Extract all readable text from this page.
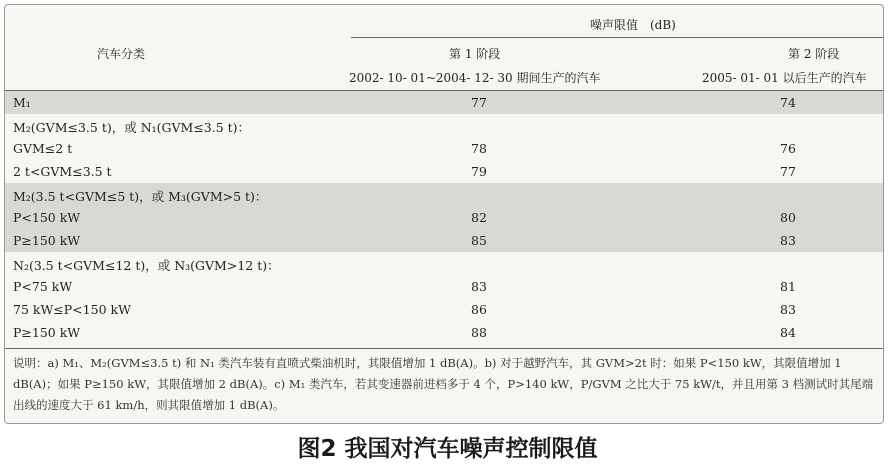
汽车分类
噪声限值　(dB)
第 1 阶段	第 2 阶段
2002- 10- 01~2004- 12- 30 期间生产的汽车	2005- 01- 01 以后生产的汽车
M₁	77	74
M₂(GVM≤3.5 t)，或 N₁(GVM≤3.5 t)：
GVM≤2 t	78	76
2 t<GVM≤3.5 t	79	77
M₂(3.5 t<GVM≤5 t)，或 M₃(GVM>5 t)：
P<150 kW	82	80
P≥150 kW	85	83
N₂(3.5 t<GVM≤12 t)，或 N₃(GVM>12 t)：
P<75 kW	83	81
75 kW≤P<150 kW	86	83
P≥150 kW	88	84
说明：a) M₁、M₂(GVM≤3.5 t) 和 N₁ 类汽车装有直喷式柴油机时，其限值增加 1 dB(A)。b) 对于越野汽车，其 GVM>2t 时：如果 P<150 kW，其限值增加 1 dB(A)；如果 P≥150 kW，其限值增加 2 dB(A)。c) M₁ 类汽车，若其变速器前进档多于 4 个，P>140 kW，P/GVM 之比大于 75 kW/t，并且用第 3 档测试时其尾端出线的速度大于 61 km/h，则其限值增加 1 dB(A)。
图2 我国对汽车噪声控制限值
